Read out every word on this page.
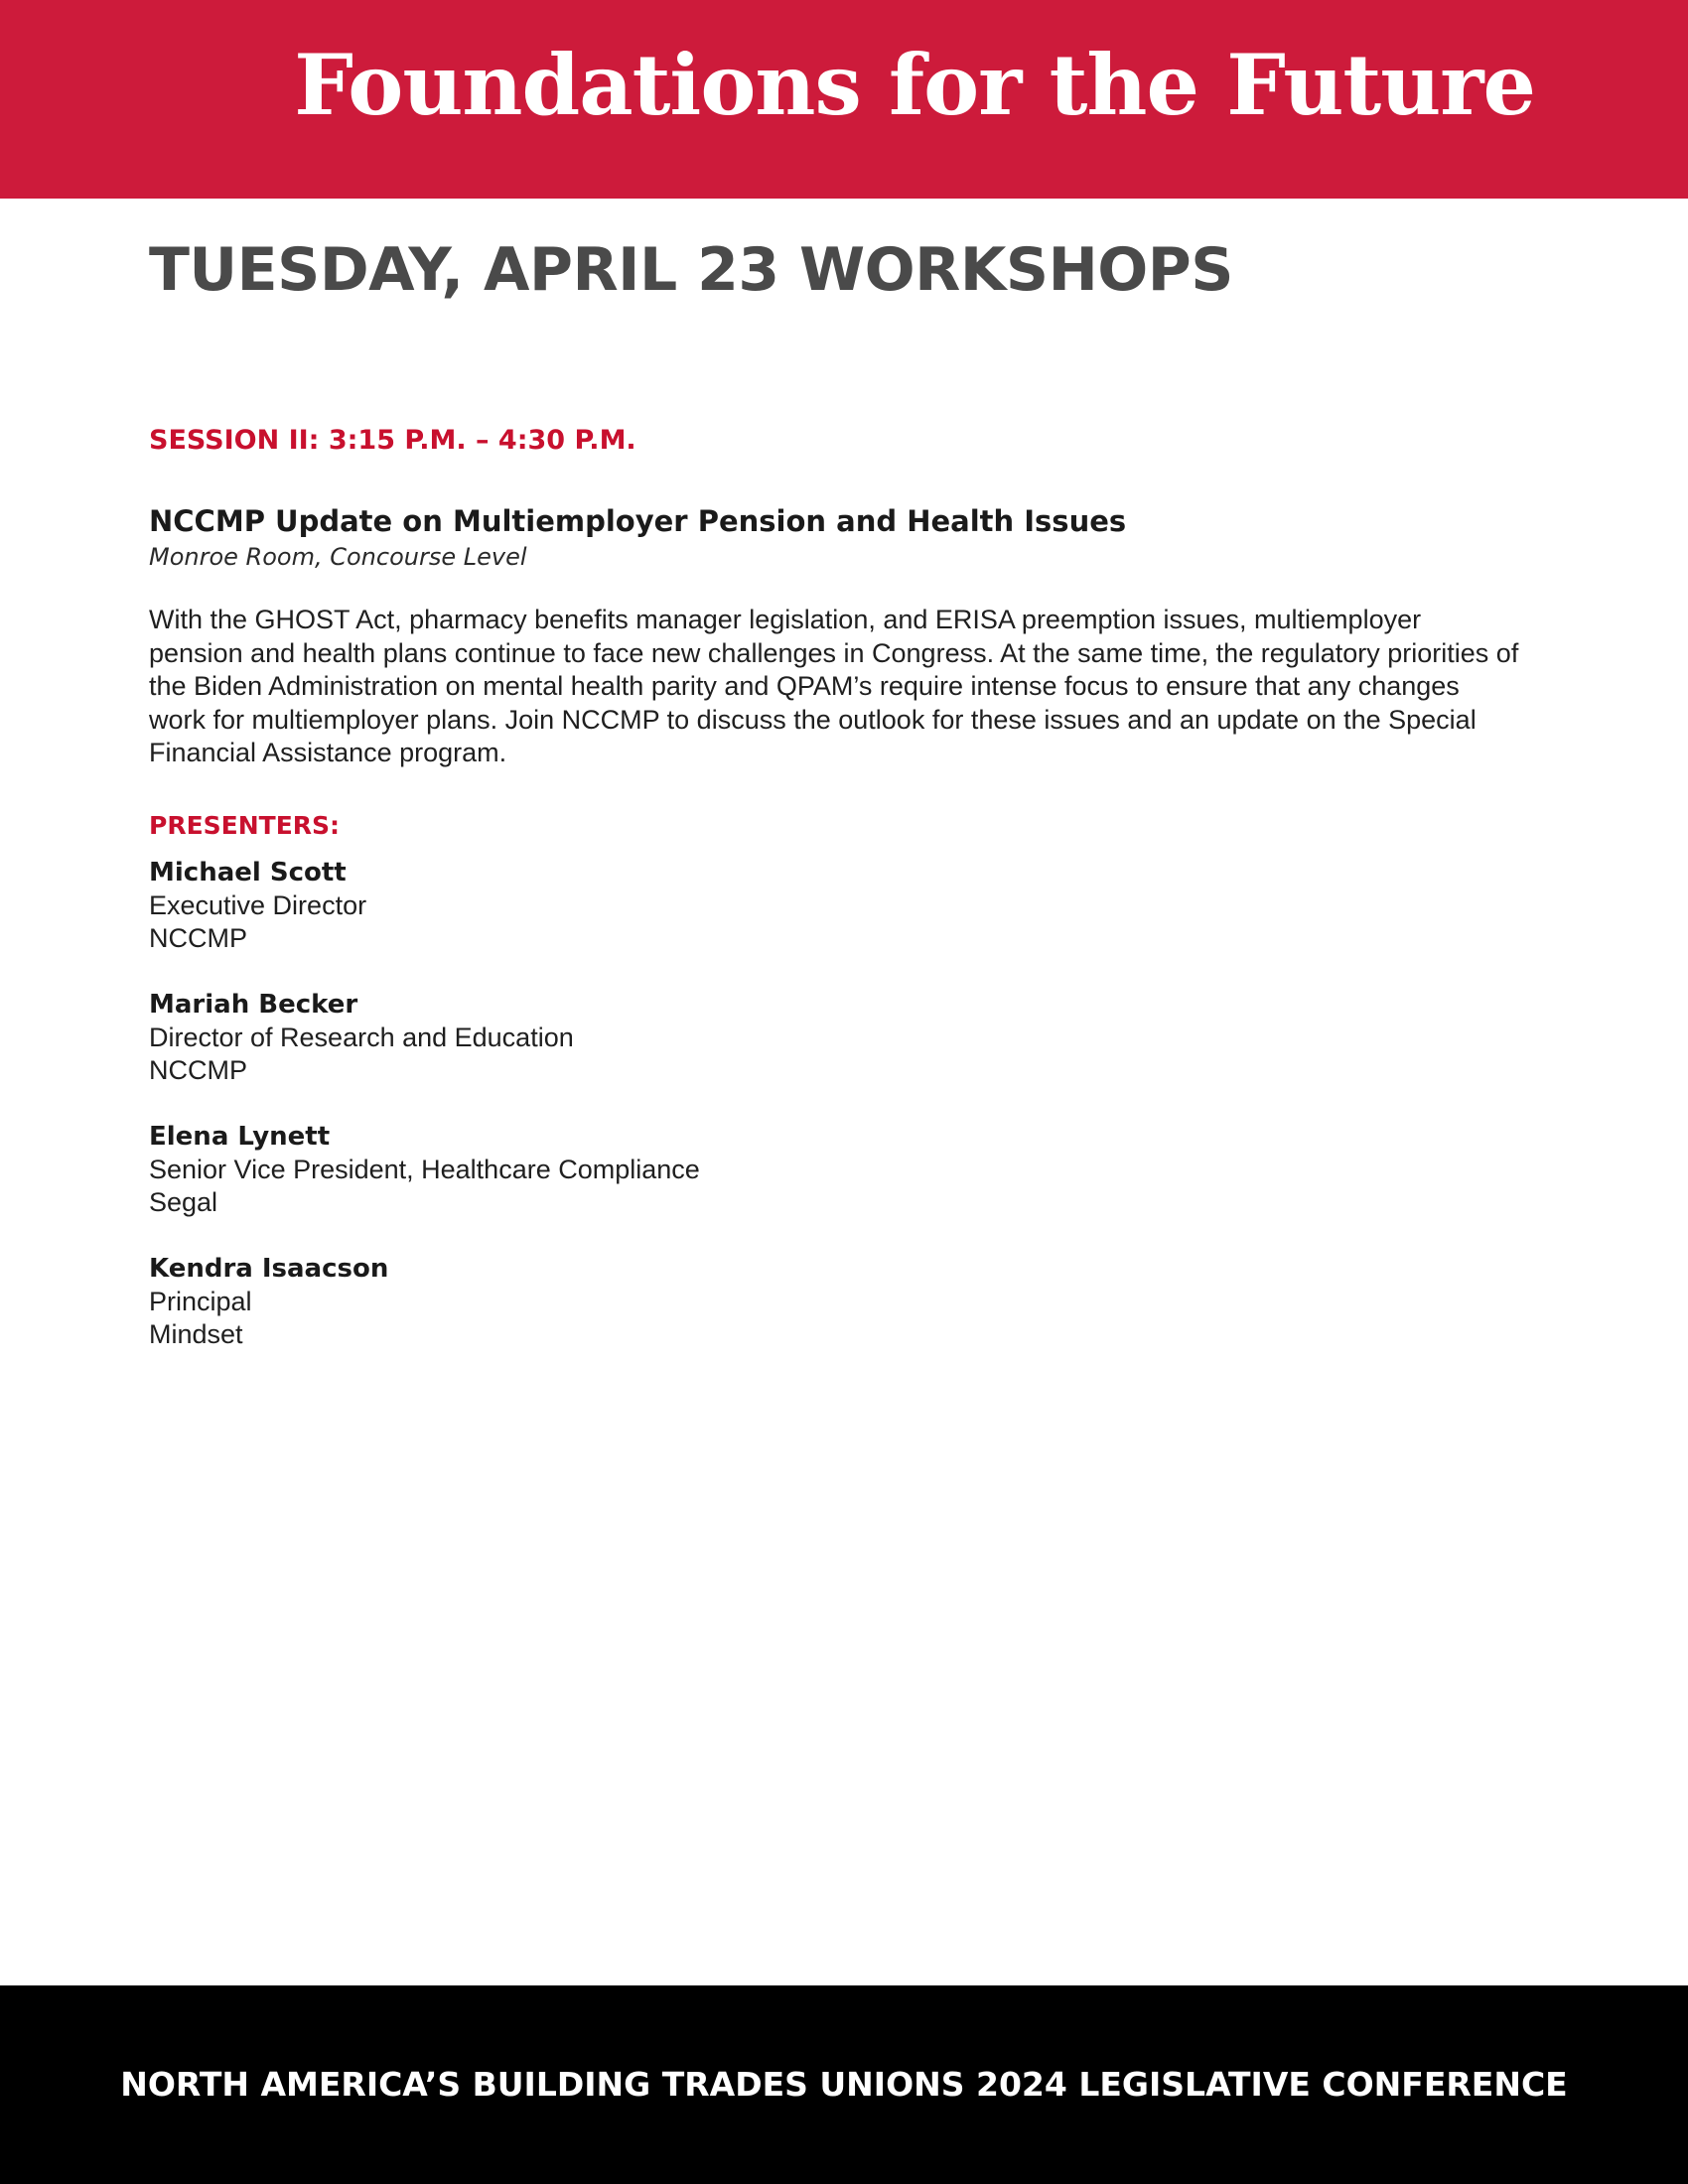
Foundations for the Future
TUESDAY, APRIL 23 WORKSHOPS
SESSION II: 3:15 P.M. – 4:30 P.M.
NCCMP Update on Multiemployer Pension and Health Issues
Monroe Room, Concourse Level

With the GHOST Act, pharmacy benefits manager legislation, and ERISA preemption issues, multiemployer pension and health plans continue to face new challenges in Congress. At the same time, the regulatory priorities of the Biden Administration on mental health parity and QPAM’s require intense focus to ensure that any changes work for multiemployer plans. Join NCCMP to discuss the outlook for these issues and an update on the Special Financial Assistance program.

PRESENTERS:
Michael Scott
Executive Director
NCCMP
Mariah Becker
Director of Research and Education
NCCMP
Elena Lynett
Senior Vice President, Healthcare Compliance
Segal
Kendra Isaacson
Principal
Mindset
NORTH AMERICA’S BUILDING TRADES UNIONS 2024 LEGISLATIVE CONFERENCE
